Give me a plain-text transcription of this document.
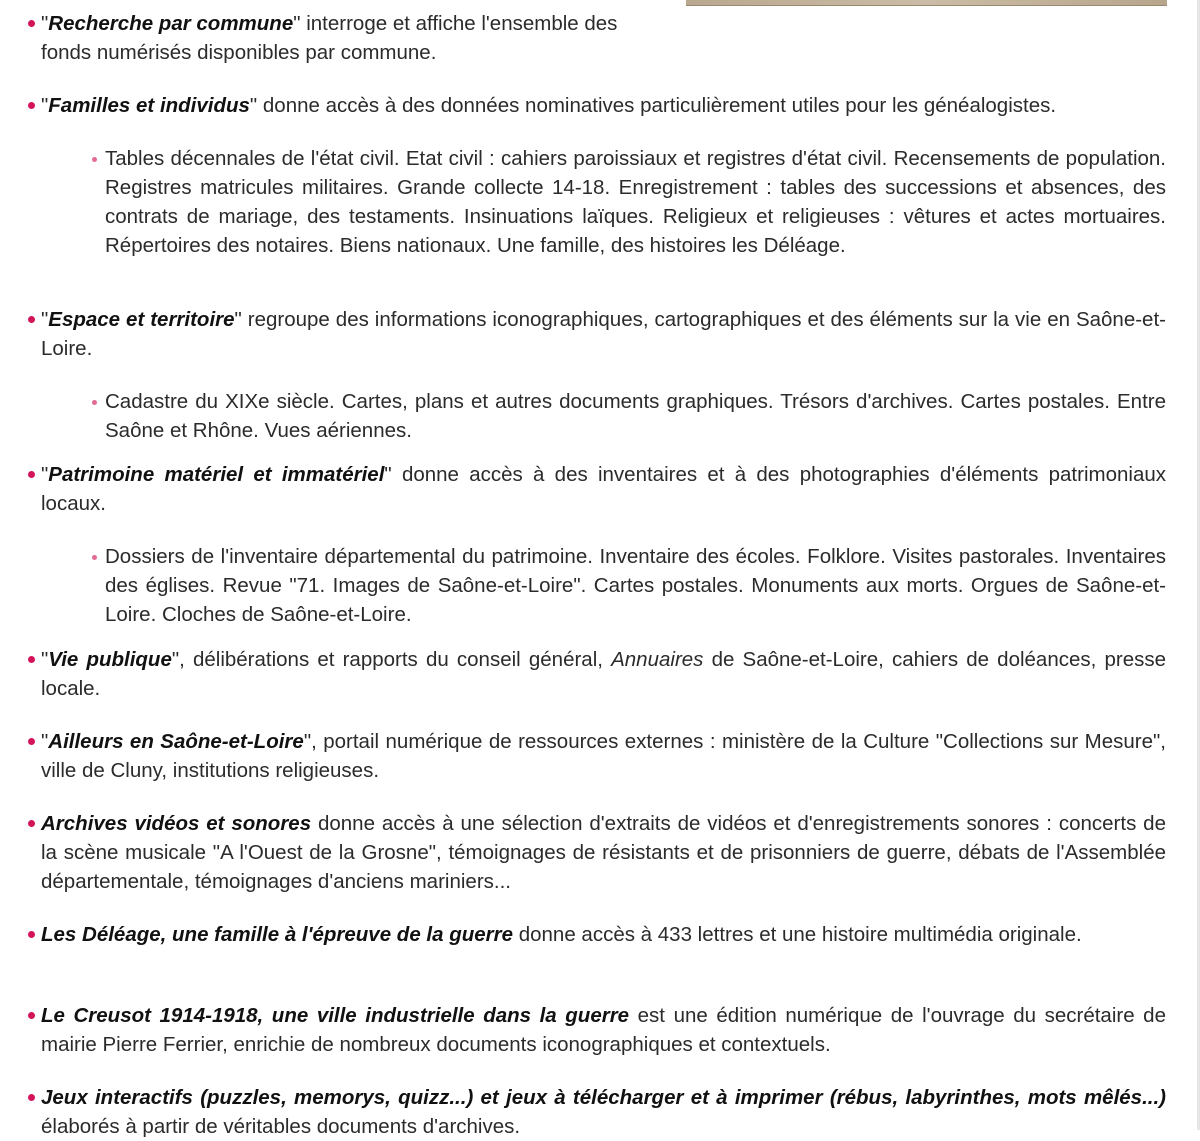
"Recherche par commune" interroge et affiche l'ensemble des fonds numérisés disponibles par commune.
"Familles et individus" donne accès à des données nominatives particulièrement utiles pour les généalogistes.
Tables décennales de l'état civil. Etat civil : cahiers paroissiaux et registres d'état civil. Recensements de population. Registres matricules militaires. Grande collecte 14-18. Enregistrement : tables des successions et absences, des contrats de mariage, des testaments. Insinuations laïques. Religieux et religieuses : vêtures et actes mortuaires. Répertoires des notaires. Biens nationaux. Une famille, des histoires les Déléage.
"Espace et territoire" regroupe des informations iconographiques, cartographiques et des éléments sur la vie en Saône-et-Loire.
Cadastre du XIXe siècle. Cartes, plans et autres documents graphiques. Trésors d'archives. Cartes postales. Entre Saône et Rhône. Vues aériennes.
"Patrimoine matériel et immatériel" donne accès à des inventaires et à des photographies d'éléments patrimoniaux locaux.
Dossiers de l'inventaire départemental du patrimoine. Inventaire des écoles. Folklore. Visites pastorales. Inventaires des églises. Revue "71. Images de Saône-et-Loire". Cartes postales. Monuments aux morts. Orgues de Saône-et-Loire. Cloches de Saône-et-Loire.
"Vie publique", délibérations et rapports du conseil général, Annuaires de Saône-et-Loire, cahiers de doléances, presse locale.
"Ailleurs en Saône-et-Loire", portail numérique de ressources externes : ministère de la Culture "Collections sur Mesure", ville de Cluny, institutions religieuses.
Archives vidéos et sonores donne accès à une sélection d'extraits de vidéos et d'enregistrements sonores : concerts de la scène musicale "A l'Ouest de la Grosne", témoignages de résistants et de prisonniers de guerre, débats de l'Assemblée départementale, témoignages d'anciens mariniers...
Les Déléage, une famille à l'épreuve de la guerre donne accès à 433 lettres et une histoire multimédia originale.
Le Creusot 1914-1918, une ville industrielle dans la guerre est une édition numérique de l'ouvrage du secrétaire de mairie Pierre Ferrier, enrichie de nombreux documents iconographiques et contextuels.
Jeux interactifs (puzzles, memorys, quizz...) et jeux à télécharger et à imprimer (rébus, labyrinthes, mots mêlés...) élaborés à partir de véritables documents d'archives.
